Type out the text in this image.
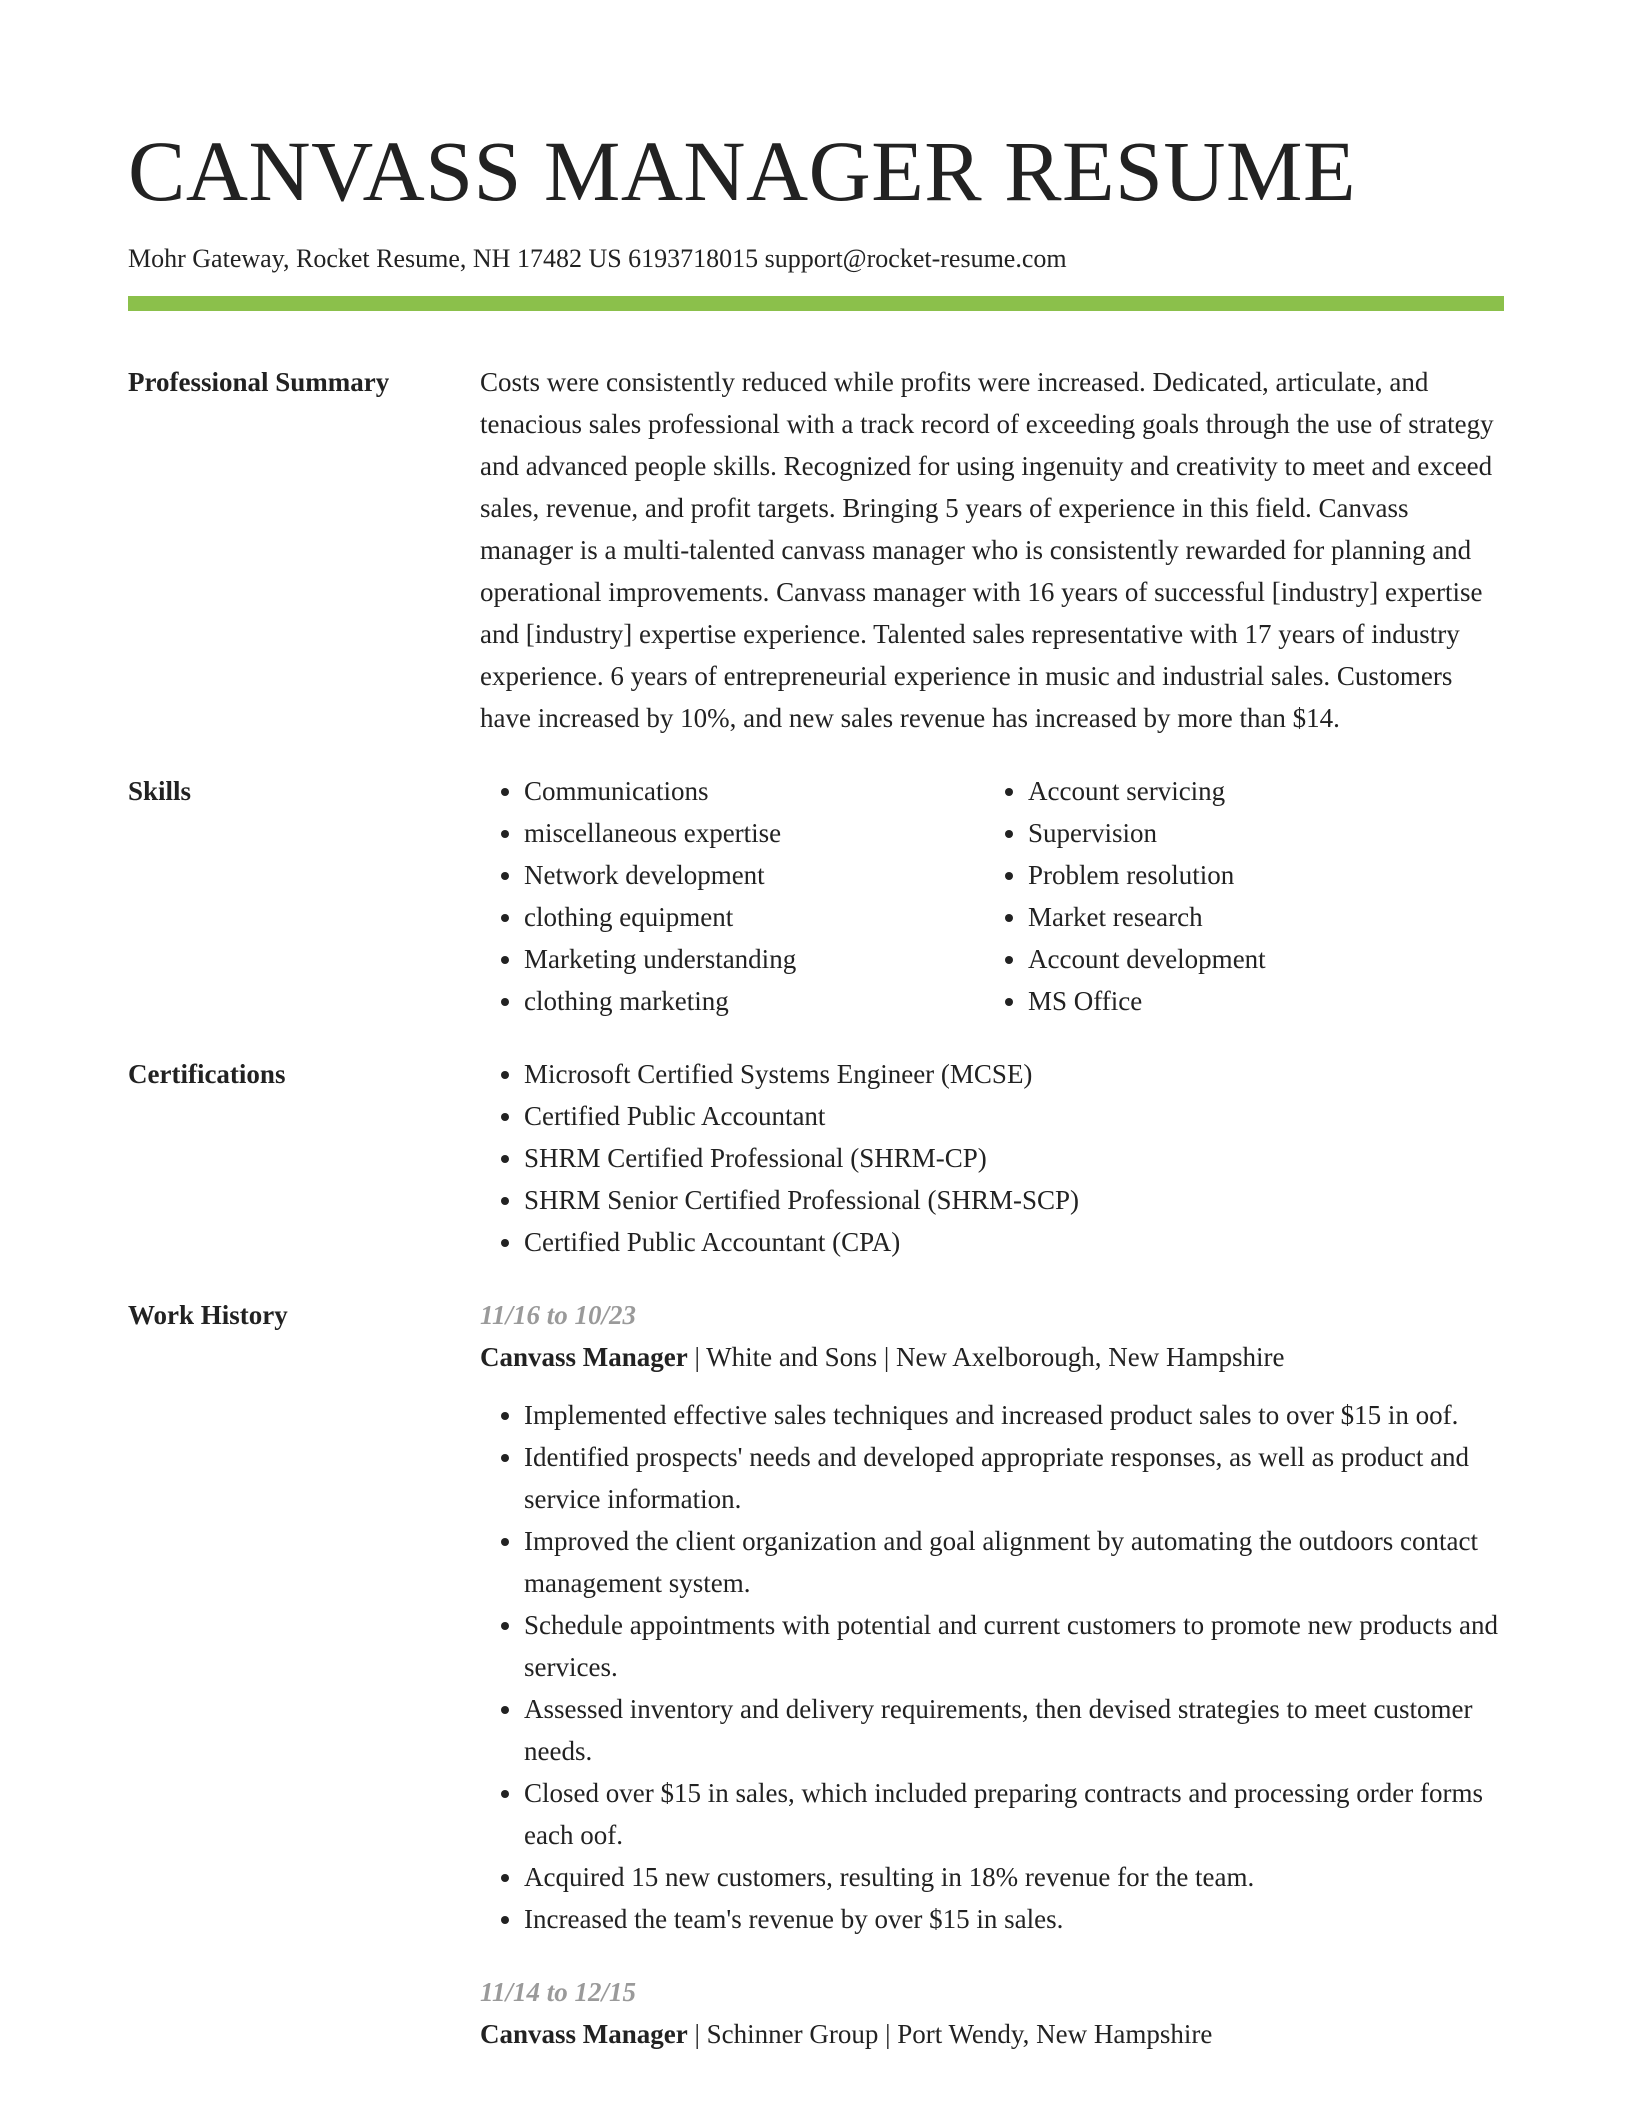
CANVASS MANAGER RESUME
Mohr Gateway, Rocket Resume, NH 17482 US 6193718015 support@rocket-resume.com
Professional Summary	Costs were consistently reduced while profits were increased. Dedicated, articulate, and tenacious sales professional with a track record of exceeding goals through the use of strategy and advanced people skills. Recognized for using ingenuity and creativity to meet and exceed sales, revenue, and profit targets. Bringing 5 years of experience in this field. Canvass manager is a multi-talented canvass manager who is consistently rewarded for planning and operational improvements. Canvass manager with 16 years of successful [industry] expertise and [industry] expertise experience. Talented sales representative with 17 years of industry experience. 6 years of entrepreneurial experience in music and industrial sales. Customers have increased by 10%, and new sales revenue has increased by more than $14.

Skills	• Communications
• miscellaneous expertise
• Network development
• clothing equipment
• Marketing understanding
• clothing marketing
• Account servicing
• Supervision
• Problem resolution
• Market research
• Account development
• MS Office
Certifications	• Microsoft Certified Systems Engineer (MCSE)
• Certified Public Accountant
• SHRM Certified Professional (SHRM-CP)
• SHRM Senior Certified Professional (SHRM-SCP)
• Certified Public Accountant (CPA)
Work History	11/16 to 10/23
Canvass Manager | White and Sons | New Axelborough, New Hampshire
• Implemented effective sales techniques and increased product sales to over $15 in oof.
• Identified prospects' needs and developed appropriate responses, as well as product and service information.
• Improved the client organization and goal alignment by automating the outdoors contact management system.
• Schedule appointments with potential and current customers to promote new products and services.
• Assessed inventory and delivery requirements, then devised strategies to meet customer needs.
• Closed over $15 in sales, which included preparing contracts and processing order forms each oof.
• Acquired 15 new customers, resulting in 18% revenue for the team.
• Increased the team's revenue by over $15 in sales.
11/14 to 12/15
Canvass Manager | Schinner Group | Port Wendy, New Hampshire
